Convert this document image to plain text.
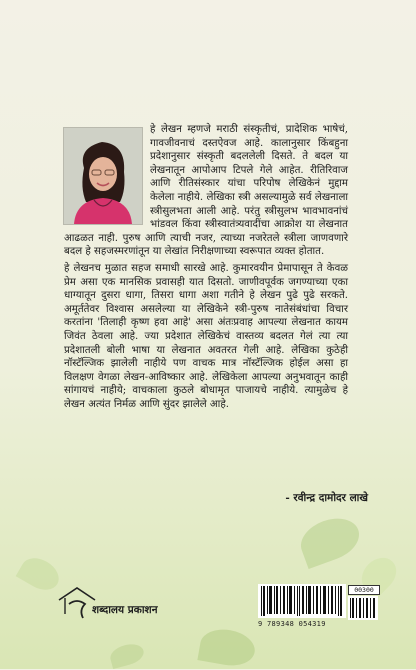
हे लेखन म्हणजे मराठी संस्कृतीचं, प्रादेशिक भाषेचं, गावजीवनाचं दस्तऐवज आहे. कालानुसार किंबहुना प्रदेशानुसार संस्कृती बदललेली दिसते. ते बदल या लेखनातून आपोआप टिपले गेले आहेत. रीतिरिवाज आणि रीतिसंस्कार यांचा परिपोष लेखिकेनं मुद्दाम केलेला नाहीये. लेखिका स्त्री असल्यामुळे सर्व लेखनाला स्त्रीसुलभता आली आहे. परंतु स्त्रीसुलभ भावभावनांचं भांडवल किंवा स्त्रीस्वातंत्र्यवादींचा आक्रोश या लेखनात आढळत नाही. पुरुष आणि त्याची नजर, त्याच्या नजरेतले स्त्रीला जाणवणारे बदल हे सहजस्मरणांतून या लेखांत निरीक्षणाच्या स्वरूपात व्यक्त होतात.

हे लेखनच मुळात सहज समाधी सारखे आहे. कुमारवयीन प्रेमापासून ते केवळ प्रेम असा एक मानसिक प्रवासही यात दिसतो. जाणीवपूर्वक जगण्याच्या एका धाग्यातून दुसरा धागा, तिसरा धागा अशा गतीने हे लेखन पुढे पुढे सरकते. अमूर्ततेवर विश्वास असलेल्या या लेखिकेने स्त्री-पुरुष नातेसंबंधांचा विचार करतांना 'तिलाही कृष्ण हवा आहे' असा अंतःप्रवाह आपल्या लेखनात कायम जिवंत ठेवला आहे. ज्या प्रदेशात लेखिकेचं वास्तव्य बदलत गेलं त्या त्या प्रदेशातली बोली भाषा या लेखनात अवतरत गेली आहे. लेखिका कुठेही नॉस्टॅल्जिक झालेली नाहीये पण वाचक मात्र नॉस्टॅल्जिक होईल असा हा विलक्षण वेगळा लेखन-आविष्कार आहे. लेखिकेला आपल्या अनुभवातून काही सांगायचं नाहीये; वाचकाला कुठले बोधामृत पाजायचे नाहीये. त्यामुळेच हे लेखन अत्यंत निर्मळ आणि सुंदर झालेले आहे.

- रवीन्द्र दामोदर लाखे
शब्दालय प्रकाशन
9 789348 054319
00300
